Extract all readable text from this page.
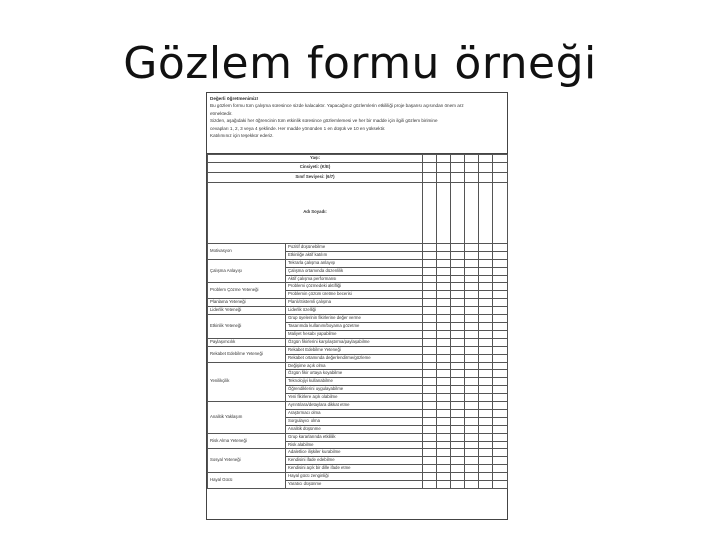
Gözlem formu örneği
Değerli öğretmenimiz!
Bu gözlem formu tüm çalışma süresince sizde kalacaktır. Yapacağınız gözlemlerin etkililiği proje başarısı açısından önem arz
etmektedir.
Sizden, aşağıdaki her öğrencinin tüm etkinlik süresince gözlemlemesi ve her bir madde için ilgili gözlem birimine
cevapları 1, 2, 3 veya 4 şeklinde. Her madde yönünden 1 en düşük ve 10 en yüksektir.
Katılımınız için teşekkür ederiz.
Yaşı:							
Cinsiyeti: (K/E)							
Sınıf Seviyesi: (6/7)							
Adı Soyadı:							
Motivasyon	Pozitif düşünebilme						
	Etkinliğe aktif katılım						
Çalışma Anlayışı	Tekrarla çalışma anlayışı						
	Çalışma ortamında düzenlilik						
	Aktif çalışma performansı						
Problem Çözme Yeteneği	Problemi çözmedeki aktifliği						
	Problemin çözüm üretme becerisi						
Planlama Yeteneği	Planlı/Sistemli çalışma						
Liderlik Yeteneği	Liderlik özelliği						
Etkinlik Yeteneği	Grup üyelerinin fikirlerine değer verme						
	Tasarımda kullanım/boyama gözetme						
	Maliyet hesabı yapabilme						
Paylaşımcılık	Özgün fikirlerini karşılaştırma/paylaşabilme						
Rekabet Edebilme Yeteneği	Rekabet Edebilme Yeteneği						
	Rekabet ortamında değerlendirme/gözleme						
Yenilikçilik	Değişime açık olma						
	Özgün fikir ortaya koyabilme						
	Teknolojiyi kullanabilme						
	Öğrendiklerini uygulayabilme						
	Yeni fikirlere açık olabilme						
Analitik Yaklaşım	Ayrıntılara/detaylara dikkat etme						
	Araştırmacı olma						
	Sorgulayıcı olma						
	Analitik düşünme						
Risk Alma Yeteneği	Grup kararlarında etkililik						
	Risk alabilme						
Sosyal Yeteneği	Adaletlice ilişkiler kurabilme						
	Kendisini ifade edebilme						
	Kendisini açık bir dille ifade etme						
Hayal Gücü	Hayal gücü zenginliği						
	Yaratıcı düşünme						
